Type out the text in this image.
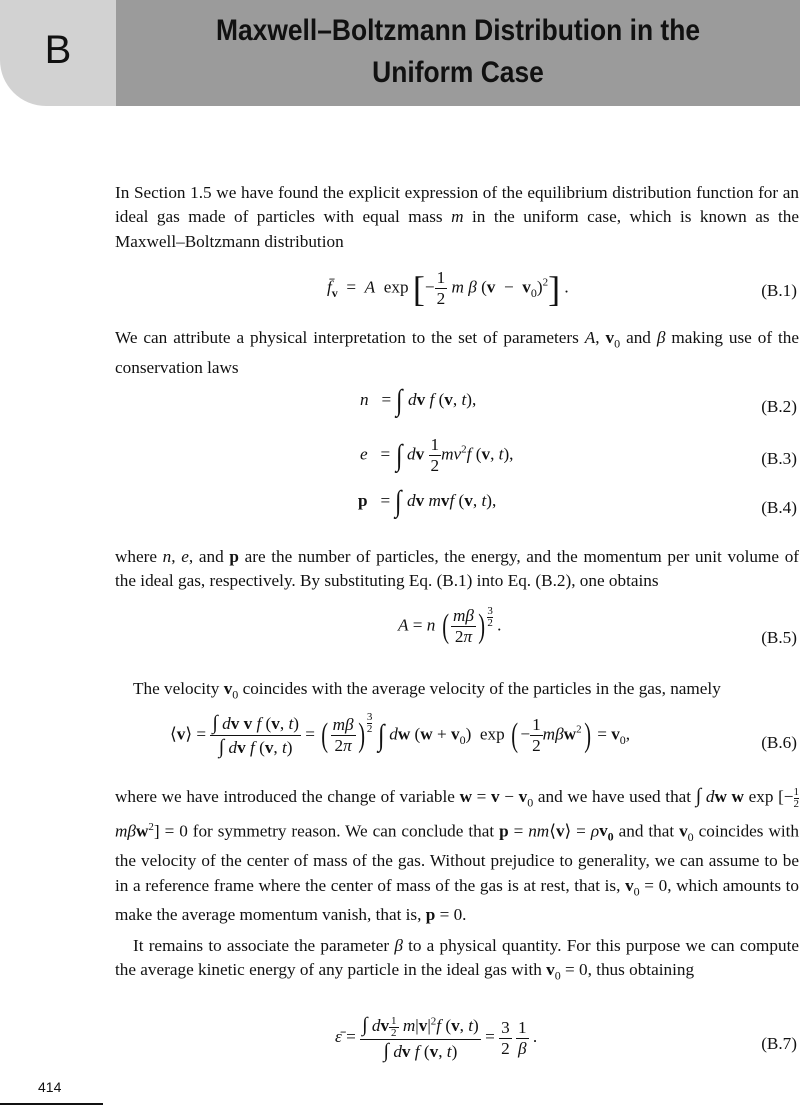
B	Maxwell–Boltzmann Distribution in the
Uniform Case

In Section 1.5 we have found the explicit expression of the equilibrium distribution function for an ideal gas made of particles with equal mass m in the uniform case, which is known as the Maxwell–Boltzmann distribution

$f̄_v = A$  exp [− $\frac{1}{2}$ m β $(v - v_0)^2$] .	(B.1)

We can attribute a physical interpretation to the set of parameters A, $v_0$ and β making use of the conservation laws

n   = ∫ dv f (v, t),	(B.2)
e   = ∫ dv $\frac{1}{2} mv^2f$ (v, t),	(B.3)
p   = ∫ dv mvf (v, t),	(B.4)

where n, e, and p are the number of particles, the energy, and the momentum per unit volume of the ideal gas, respectively. By substituting Eq. (B.1) into Eq. (B.2), one obtains

A = n ( $\frac{m\beta}{2\pi}$ ) $\frac{3}{2}$ .
(B.5)

The velocity $v_0$ coincides with the average velocity of the particles in the gas, namely

⟨v⟩ = $\frac{\text{∫ dv v f (v, t)}}{\text{∫ dv f (v, t)}}$ = ( $\frac{m\beta}{2\pi}$ ) $\frac{3}{2}$ ∫ dw $(w + v_0)$  exp ( − $\frac{1}{2} m\beta w^2) = v_0$,	(B.6)

where we have introduced the change of variable $w = v - v_0$ and we have used that ∫ dw w exp [− $\frac{1}{2}$
mβw$^2$] = 0 for symmetry reason. We can conclude that p = nm⟨v⟩ = $\rho v_0$ and that $v_0$ coincides with the velocity of the center of mass of the gas. Without prejudice to generality, we can assume to be in a reference frame where the center of mass of the gas is at rest, that is, $v_0 = 0$, which amounts to make the average momentum vanish, that is, p = 0.

It remains to associate the parameter β to a physical quantity. For this purpose we can compute the average kinetic energy of any particle in the ideal gas with $v_0 = 0$, thus obtaining

ε̄ = $\frac{\int dv \frac{1}{2} m|v|^2f (v, t)}{\text{∫ dv f (v, t)}} = \frac{3}{2}$
$\frac{1}{\beta}$ .	(B.7)
414
